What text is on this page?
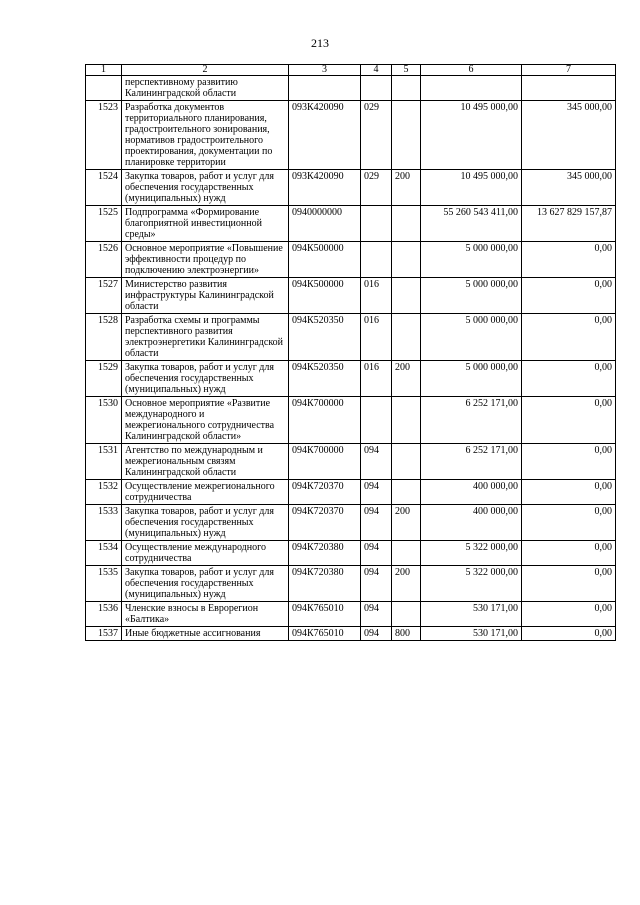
213
1	2	3	4	5	6	7
	перспективному развитию Калининградской области					
1523	Разработка документов территориального планирования, градостроительного зонирования, нормативов градостроительного проектирования, документации по планировке территории	093К420090	029		10 495 000,00	345 000,00
1524	Закупка товаров, работ и услуг для обеспечения государственных (муниципальных) нужд	093К420090	029	200	10 495 000,00	345 000,00
1525	Подпрограмма «Формирование благоприятной инвестиционной среды»	0940000000			55 260 543 411,00	13 627 829 157,87
1526	Основное мероприятие «Повышение эффективности процедур по подключению электроэнергии»	094К500000			5 000 000,00	0,00
1527	Министерство развития инфраструктуры Калининградской области	094К500000	016		5 000 000,00	0,00
1528	Разработка схемы и программы перспективного развития электроэнергетики Калининградской области	094К520350	016		5 000 000,00	0,00
1529	Закупка товаров, работ и услуг для обеспечения государственных (муниципальных) нужд	094К520350	016	200	5 000 000,00	0,00
1530	Основное мероприятие «Развитие международного и межрегионального сотрудничества Калининградской области»	094К700000			6 252 171,00	0,00
1531	Агентство по международным и межрегиональным связям Калининградской области	094К700000	094		6 252 171,00	0,00
1532	Осуществление межрегионального сотрудничества	094К720370	094		400 000,00	0,00
1533	Закупка товаров, работ и услуг для обеспечения государственных (муниципальных) нужд	094К720370	094	200	400 000,00	0,00
1534	Осуществление международного сотрудничества	094К720380	094		5 322 000,00	0,00
1535	Закупка товаров, работ и услуг для обеспечения государственных (муниципальных) нужд	094К720380	094	200	5 322 000,00	0,00
1536	Членские взносы в Еврорегион «Балтика»	094К765010	094		530 171,00	0,00
1537	Иные бюджетные ассигнования	094К765010	094	800	530 171,00	0,00
